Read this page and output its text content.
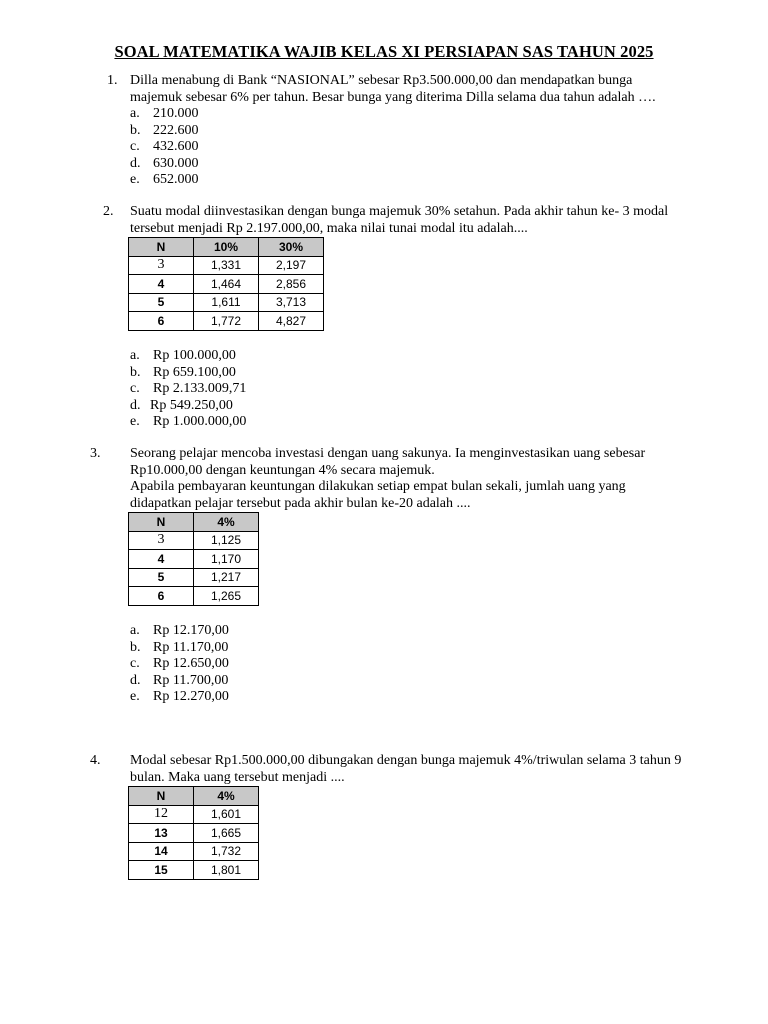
SOAL MATEMATIKA WAJIB KELAS XI PERSIAPAN SAS TAHUN 2025
1. Dilla menabung di Bank “NASIONAL” sebesar Rp3.500.000,00 dan mendapatkan bunga
majemuk sebesar 6% per tahun. Besar bunga yang diterima Dilla selama dua tahun adalah ….
a. 210.000
b. 222.600
c. 432.600
d. 630.000
e. 652.000
2. Suatu modal diinvestasikan dengan bunga majemuk 30% setahun. Pada akhir tahun ke- 3 modal
tersebut menjadi Rp 2.197.000,00, maka nilai tunai modal itu adalah....
N	10%	30%
3	1,331	2,197
4	1,464	2,856
5	1,611	3,713
6	1,772	4,827
a. Rp 100.000,00
b. Rp 659.100,00
c. Rp 2.133.009,71
d. Rp 549.250,00
e. Rp 1.000.000,00
3. Seorang pelajar mencoba investasi dengan uang sakunya. Ia menginvestasikan uang sebesar
Rp10.000,00 dengan keuntungan 4% secara majemuk.
Apabila pembayaran keuntungan dilakukan setiap empat bulan sekali, jumlah uang yang
didapatkan pelajar tersebut pada akhir bulan ke-20 adalah ....
N	4%
3	1,125
4	1,170
5	1,217
6	1,265
a. Rp 12.170,00
b. Rp 11.170,00
c. Rp 12.650,00
d. Rp 11.700,00
e. Rp 12.270,00
4. Modal sebesar Rp1.500.000,00 dibungakan dengan bunga majemuk 4%/triwulan selama 3 tahun 9
bulan. Maka uang tersebut menjadi ....
N	4%
12	1,601
13	1,665
14	1,732
15	1,801
